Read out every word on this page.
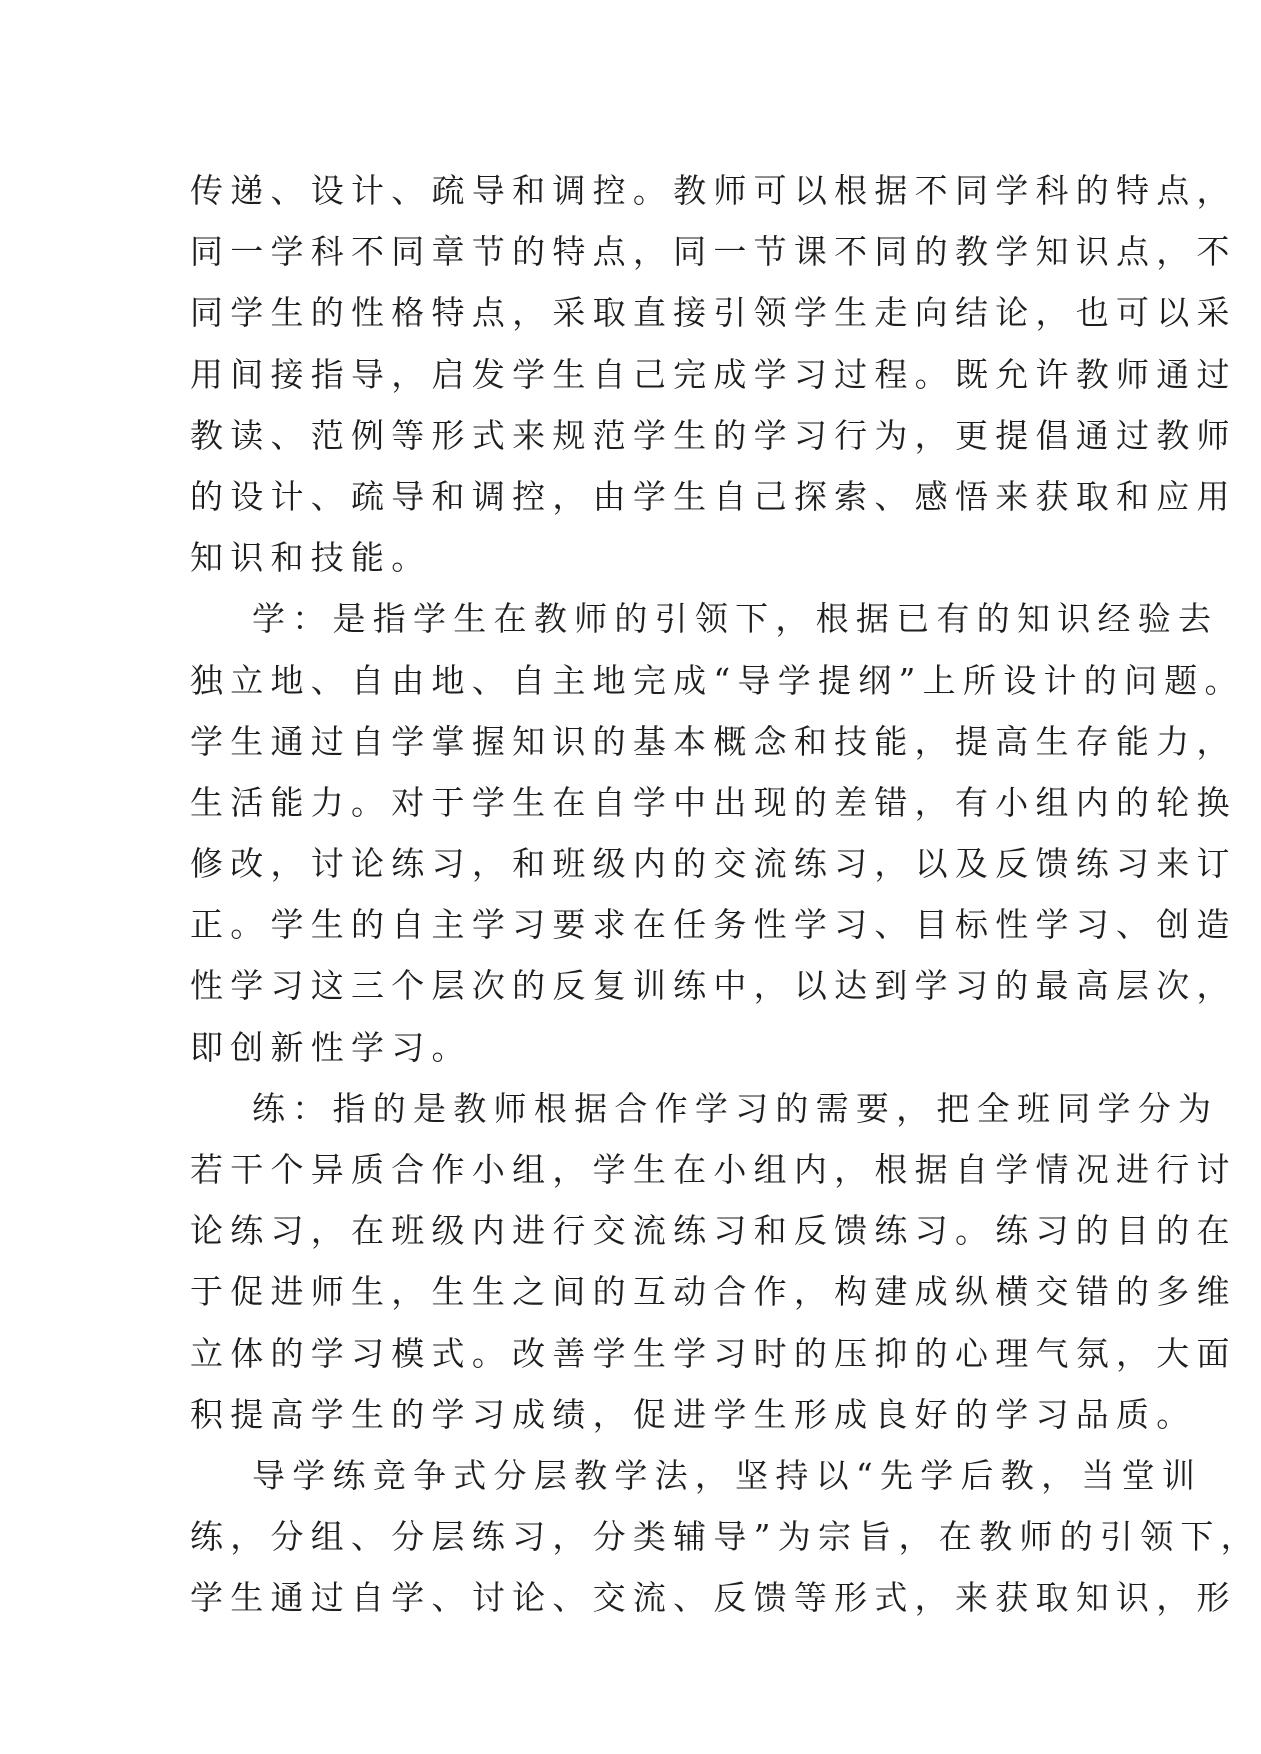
传递、设计、疏导和调控。教师可以根据不同学科的特点，
同一学科不同章节的特点，同一节课不同的教学知识点，不
同学生的性格特点，采取直接引领学生走向结论，也可以采
用间接指导，启发学生自己完成学习过程。既允许教师通过
教读、范例等形式来规范学生的学习行为，更提倡通过教师
的设计、疏导和调控，由学生自己探索、感悟来获取和应用
知识和技能。
学：是指学生在教师的引领下，根据已有的知识经验去
独立地、自由地、自主地完成“导学提纲”上所设计的问题。
学生通过自学掌握知识的基本概念和技能，提高生存能力，
生活能力。对于学生在自学中出现的差错，有小组内的轮换
修改，讨论练习，和班级内的交流练习，以及反馈练习来订
正。学生的自主学习要求在任务性学习、目标性学习、创造
性学习这三个层次的反复训练中，以达到学习的最高层次，
即创新性学习。
练：指的是教师根据合作学习的需要，把全班同学分为
若干个异质合作小组，学生在小组内，根据自学情况进行讨
论练习，在班级内进行交流练习和反馈练习。练习的目的在
于促进师生，生生之间的互动合作，构建成纵横交错的多维
立体的学习模式。改善学生学习时的压抑的心理气氛，大面
积提高学生的学习成绩，促进学生形成良好的学习品质。
导学练竞争式分层教学法，坚持以“先学后教，当堂训
练，分组、分层练习，分类辅导”为宗旨，在教师的引领下，
学生通过自学、讨论、交流、反馈等形式，来获取知识，形
